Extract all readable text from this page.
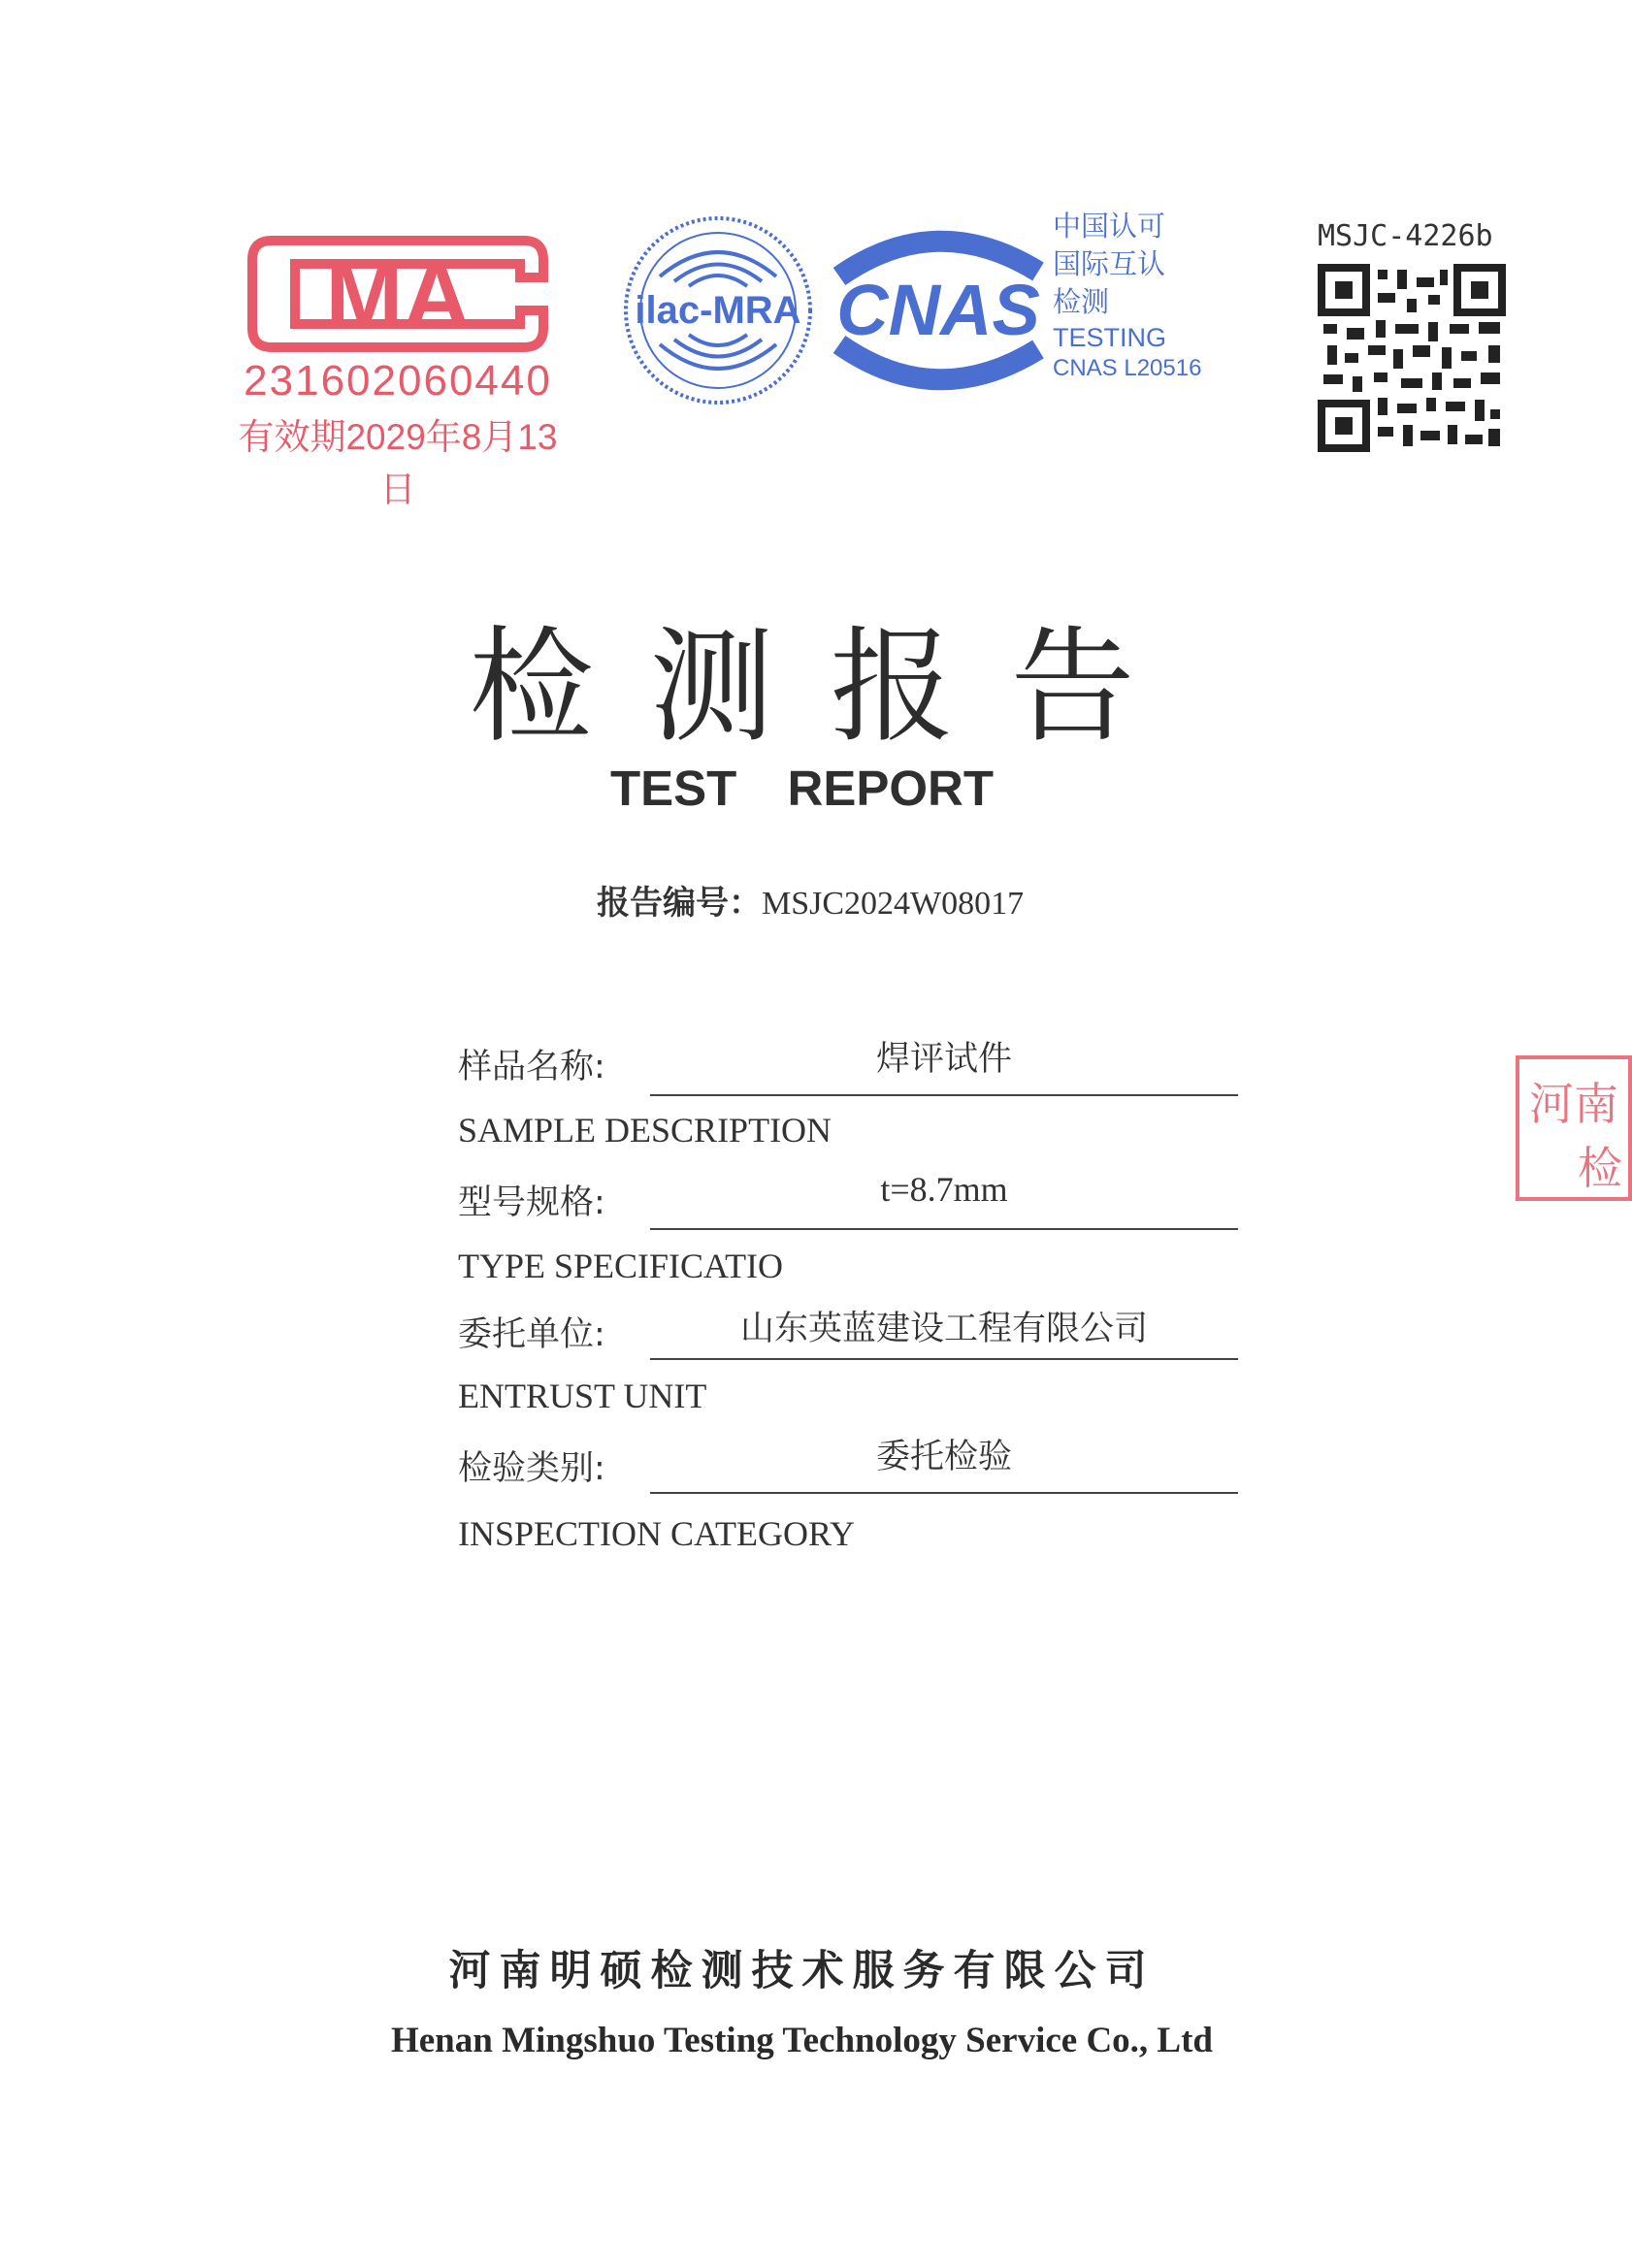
MA
231602060440
有效期2029年8月13日
ilac-MRA CNAS
中国认可
国际互认
检测
TESTING
CNAS L20516
MSJC-4226b
检测报告
TEST REPORT
报告编号：MSJC2024W08017
样品名称:	焊评试件
SAMPLE DESCRIPTION
型号规格:	t=8.7mm
TYPE SPECIFICATIO
委托单位:	山东英蓝建设工程有限公司
ENTRUST UNIT
检验类别:	委托检验
INSPECTION CATEGORY
河南明硕检测技术服务有限公司
Henan Mingshuo Testing Technology Service Co., Ltd
河南
检
